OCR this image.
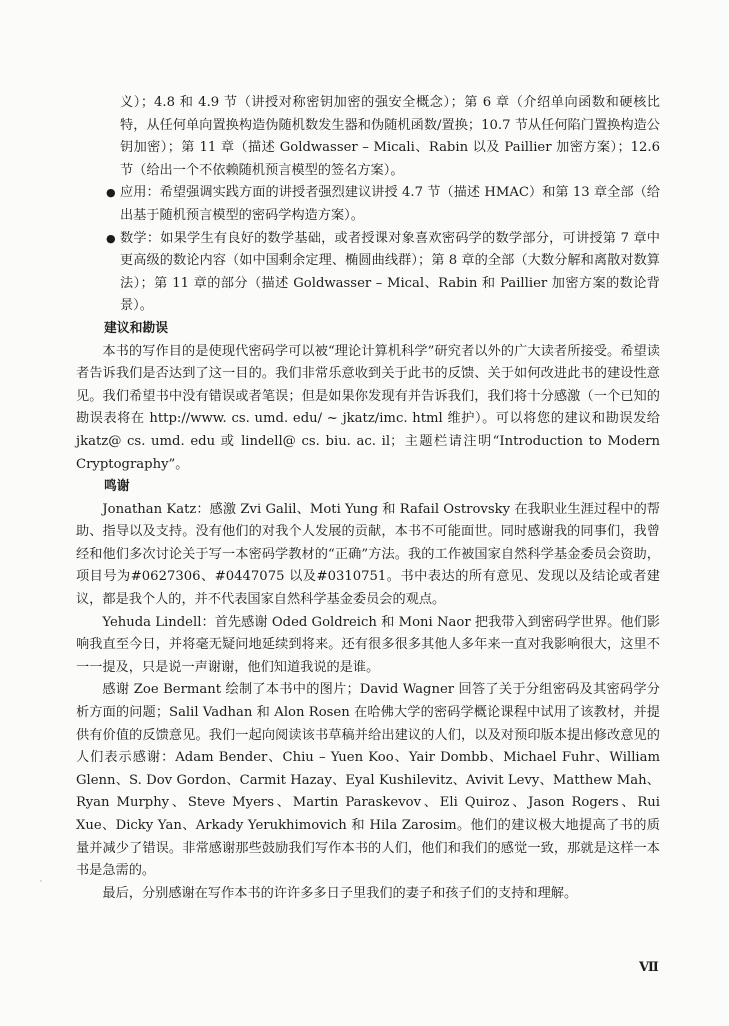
义）；4.8 和 4.9 节（讲授对称密钥加密的强安全概念）；第 6 章（介绍单向函数和硬核比特，从任何单向置换构造伪随机数发生器和伪随机函数/置换；10.7 节从任何陷门置换构造公钥加密）；第 11 章（描述 Goldwasser – Micali、Rabin 以及 Paillier 加密方案）；12.6 节（给出一个不依赖随机预言模型的签名方案）。

● 应用：希望强调实践方面的讲授者强烈建议讲授 4.7 节（描述 HMAC）和第 13 章全部（给出基于随机预言模型的密码学构造方案）。
● 数学：如果学生有良好的数学基础，或者授课对象喜欢密码学的数学部分，可讲授第 7 章中更高级的数论内容（如中国剩余定理、椭圆曲线群）；第 8 章的全部（大数分解和离散对数算法）；第 11 章的部分（描述 Goldwasser – Mical、Rabin 和 Paillier 加密方案的数论背景）。
建议和勘误

本书的写作目的是使现代密码学可以被“理论计算机科学”研究者以外的广大读者所接受。希望读者告诉我们是否达到了这一目的。我们非常乐意收到关于此书的反馈、关于如何改进此书的建设性意见。我们希望书中没有错误或者笔误；但是如果你发现有并告诉我们，我们将十分感激（一个已知的勘误表将在 http://www. cs. umd. edu/ ~ jkatz/imc. html 维护）。可以将您的建议和勘误发给 jkatz@ cs. umd. edu 或 lindell@ cs. biu. ac. il；主题栏请注明“Introduction to Modern Cryptography”。

鸣谢

Jonathan Katz：感激 Zvi Galil、Moti Yung 和 Rafail Ostrovsky 在我职业生涯过程中的帮助、指导以及支持。没有他们的对我个人发展的贡献，本书不可能面世。同时感谢我的同事们，我曾经和他们多次讨论关于写一本密码学教材的“正确”方法。我的工作被国家自然科学基金委员会资助，项目号为#0627306、#0447075 以及#0310751。书中表达的所有意见、发现以及结论或者建议，都是我个人的，并不代表国家自然科学基金委员会的观点。

Yehuda Lindell：首先感谢 Oded Goldreich 和 Moni Naor 把我带入到密码学世界。他们影响我直至今日，并将毫无疑问地延续到将来。还有很多很多其他人多年来一直对我影响很大，这里不一一提及，只是说一声谢谢，他们知道我说的是谁。

感谢 Zoe Bermant 绘制了本书中的图片；David Wagner 回答了关于分组密码及其密码学分析方面的问题；Salil Vadhan 和 Alon Rosen 在哈佛大学的密码学概论课程中试用了该教材，并提供有价值的反馈意见。我们一起向阅读该书草稿并给出建议的人们，以及对预印版本提出修改意见的人们表示感谢：Adam Bender、Chiu – Yuen Koo、Yair Dombb、Michael Fuhr、William Glenn、S. Dov Gordon、Carmit Hazay、Eyal Kushilevitz、Avivit Levy、Matthew Mah、Ryan Murphy、Steve Myers、Martin Paraskevov、Eli Quiroz、Jason Rogers、Rui Xue、Dicky Yan、Arkady Yerukhimovich 和 Hila Zarosim。他们的建议极大地提高了书的质量并减少了错误。非常感谢那些鼓励我们写作本书的人们，他们和我们的感觉一致，那就是这样一本书是急需的。

最后，分别感谢在写作本书的许许多多日子里我们的妻子和孩子们的支持和理解。

Ⅶ
